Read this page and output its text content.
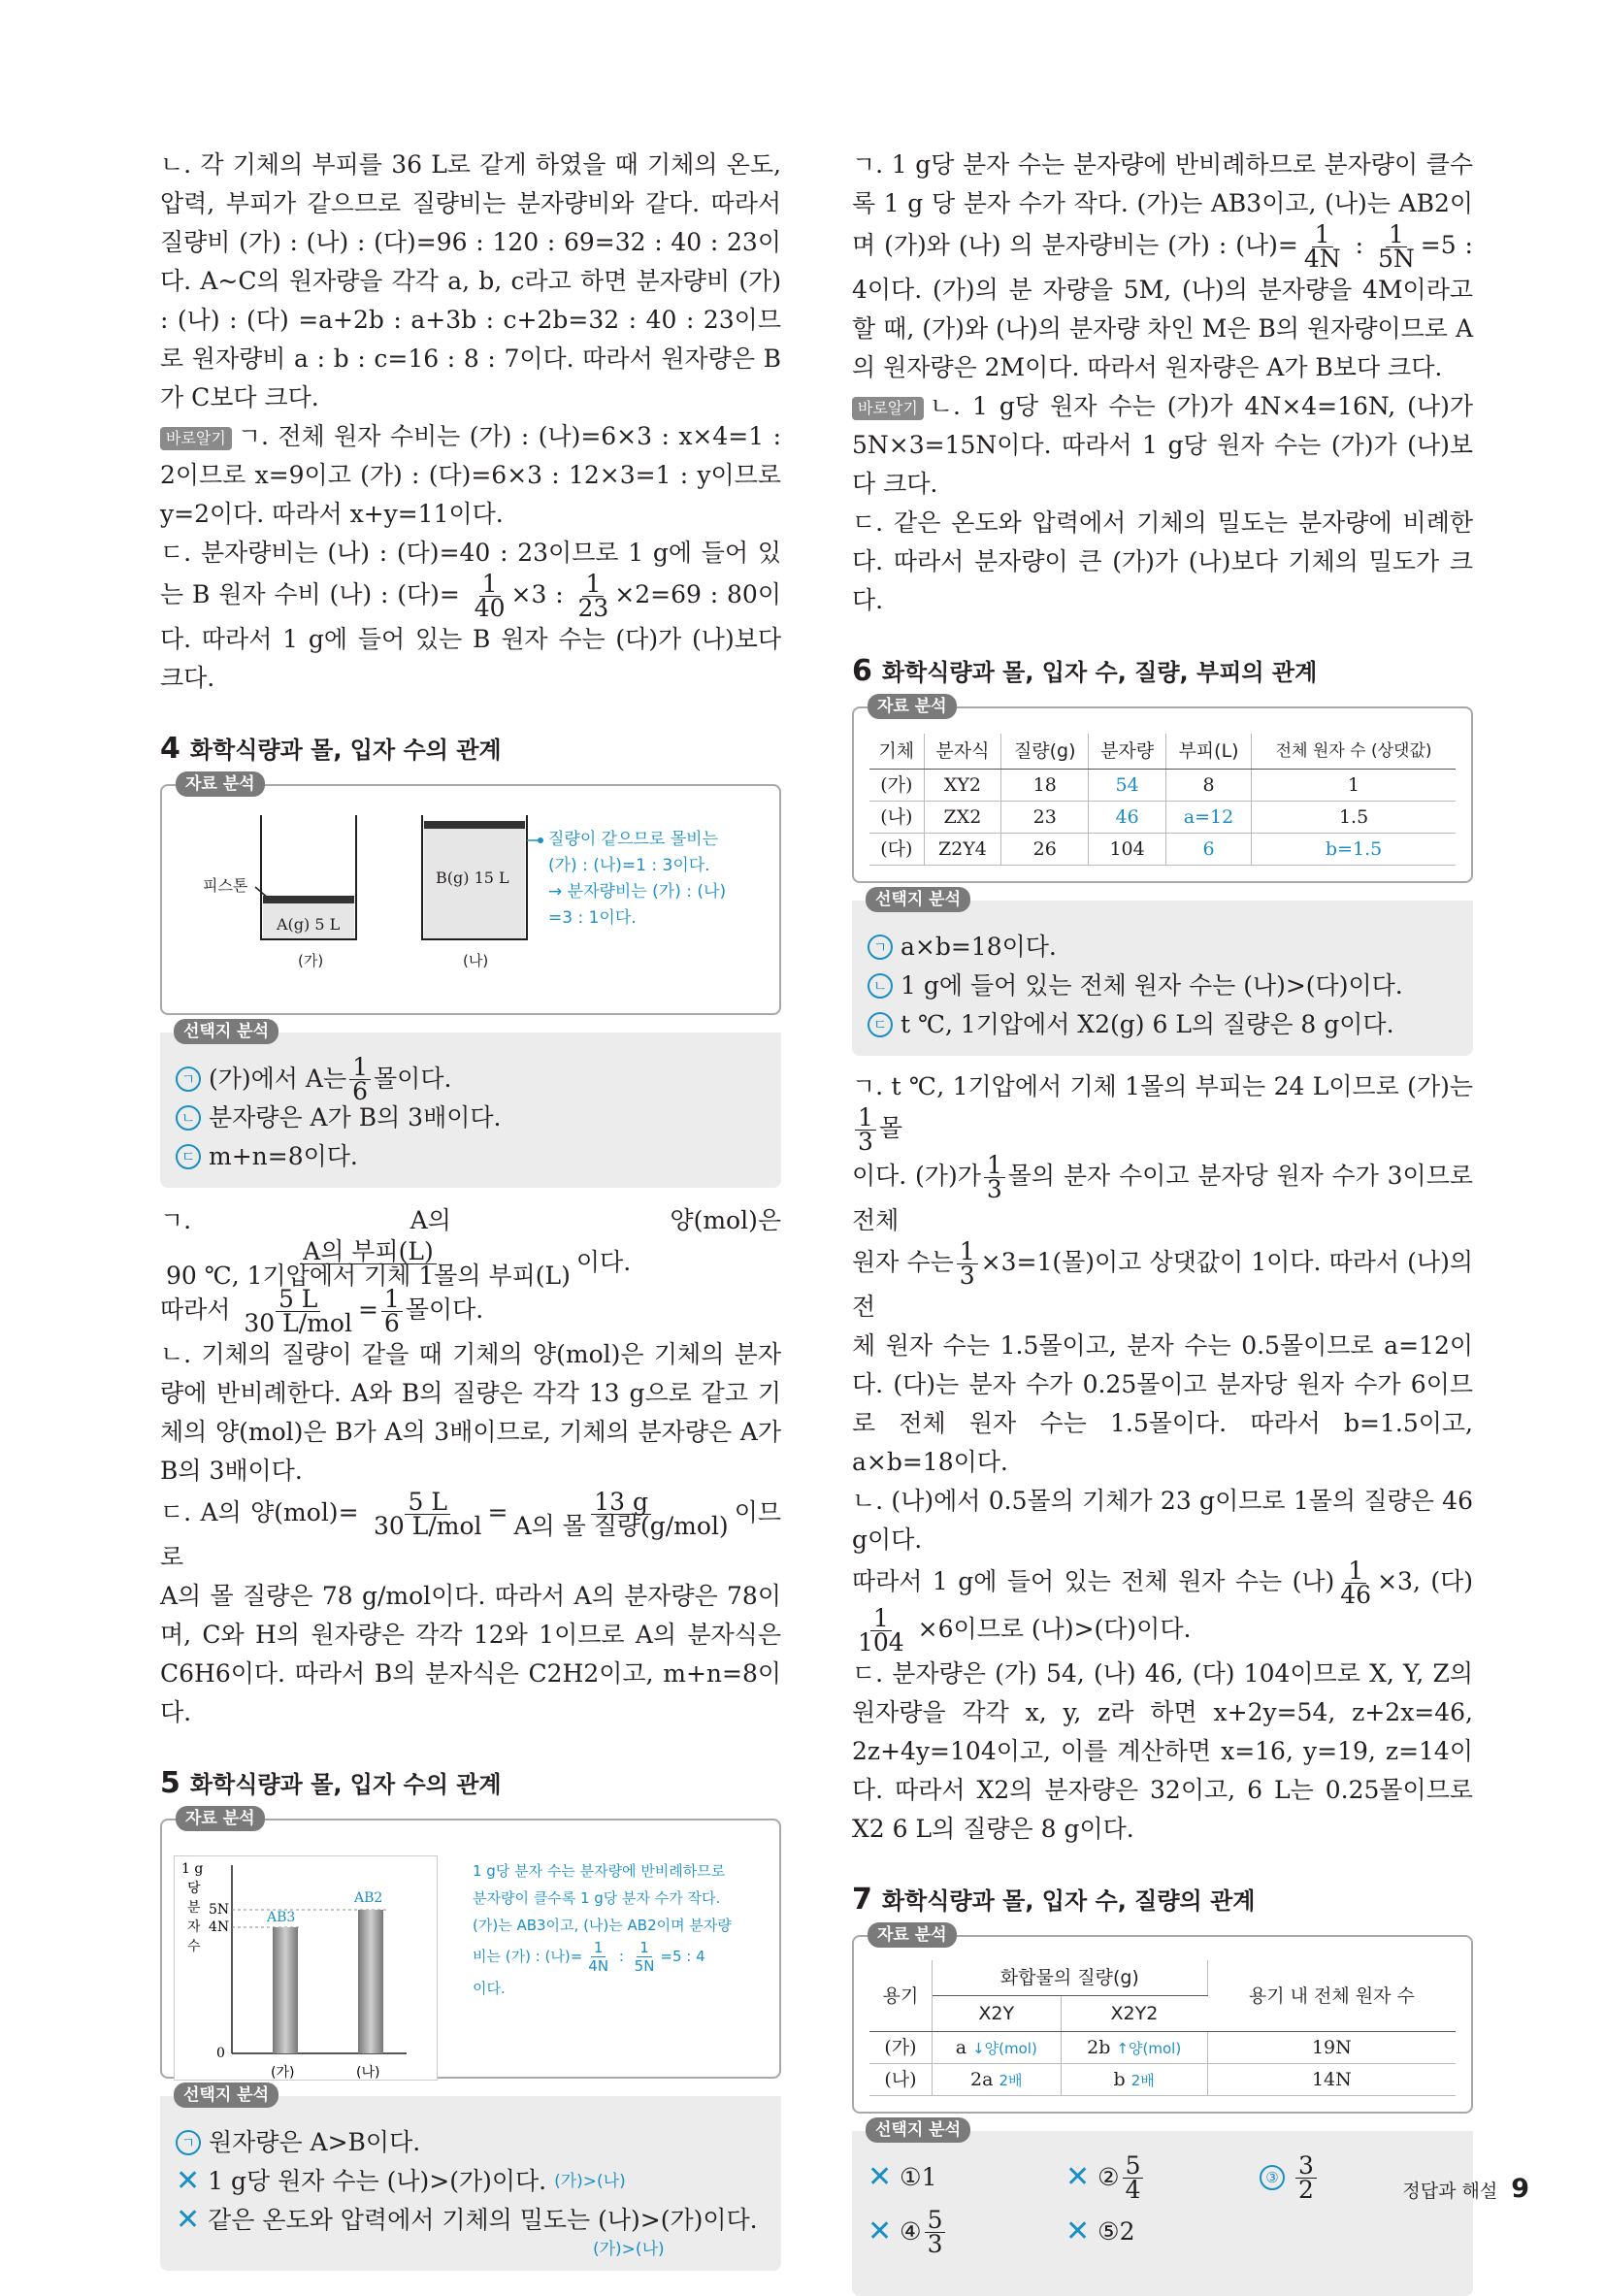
ㄴ. 각 기체의 부피를 36 L로 같게 하였을 때 기체의 온도, 압력, 부피가 같으므로 질량비는 분자량비와 같다. 따라서 질량비 (가) : (나) : (다)=96 : 120 : 69=32 : 40 : 23이다. A~C의 원자량을 각각 a, b, c라고 하면 분자량비 (가) : (나) : (다) =a+2b : a+3b : c+2b=32 : 40 : 23이므로 원자량비 a : b : c=16 : 8 : 7이다. 따라서 원자량은 B가 C보다 크다.

바로알기 ㄱ. 전체 원자 수비는 (가) : (나)=6×3 : x×4=1 : 2이므로 x=9이고 (가) : (다)=6×3 : 12×3=1 : y이므로 y=2이다. 따라서 x+y=11이다.

ㄷ. 분자량비는 (나) : (다)=40 : 23이므로 1 g에 들어 있는 B 원자 수비 (나) : (다)= $\frac{1}{40} \times 3$ : $\frac{1}{23} \times 2=69$ : 80이다. 따라서 1 g에 들어 있는 B 원자 수는 (다)가 (나)보다 크다.

4 화학식량과 몰, 입자 수의 관계
자료 분석
피스톤
A(g) 5 L
(가)
B(g) 15 L
(나)
질량이 같으므로 몰비는
(가) : (나)=1 : 3이다.
→ 분자량비는 (가) : (나)
=3 : 1이다.
선택지 분석
ㄱ (가)에서 A는 $\frac{1}{6}$ 몰이다.
ㄴ 분자량은 A가 B의 3배이다.
ㄷ m+n=8이다.

ㄱ. A의 양(mol)은
$\frac{\text{A의 부피(L)}}{\text{90 ℃, 1기압에서 기체 1몰의 부피(L)}}$ 이다.

따라서 $\frac{5 L}{\text{30 L/mol}} = \frac{1}{6}$ 몰이다.

ㄴ. 기체의 질량이 같을 때 기체의 양(mol)은 기체의 분자량에 반비례한다. A와 B의 질량은 각각 13 g으로 같고 기체의 양(mol)은 B가 A의 3배이므로, 기체의 분자량은 A가 B의 3배이다.

ㄷ. A의 양$(mol)= \frac{5 L}{\text{30 L/mol}} = \frac{13 g}{\text{A의 몰 질량(g/mol)}}$ 이므로

A의 몰 질량은 78 g/mol이다. 따라서 A의 분자량은 78이며, C와 H의 원자량은 각각 12와 1이므로 A의 분자식은 C6H6이다. 따라서 B의 분자식은 C2H2이고, m+n=8이다.

5 화학식량과 몰, 입자 수의 관계
자료 분석
1 g
당
분
자
수
5N
4N
0
AB3
AB2
(가)	(나)
1 g당 분자 수는 분자량에 반비례하므로
분자량이 클수록 1 g당 분자 수가 작다.
(가)는 AB3이고, (나)는 AB2이며 분자량
비는 (가) : (나)= $\frac{1}{4N}$ : $\frac{1}{5N} =5$ : 4
이다.
선택지 분석
ㄱ 원자량은 A>B이다.
✕ 1 g당 원자 수는 (나)>(가)이다. (가)>(나)
✕ 같은 온도와 압력에서 기체의 밀도는 (나)>(가)이다.
(가)>(나)

ㄱ. 1 g당 분자 수는 분자량에 반비례하므로 분자량이 클수록 1 g 당 분자 수가 작다. (가)는 AB3이고, (나)는 AB2이며 (가)와 (나) 의 분자량비는 (가) : (나)= $\frac{1}{4N}$ : $\frac{1}{5N} =5$ : 4이다. (가)의 분 자량을 5M, (나)의 분자량을 4M이라고 할 때, (가)와 (나)의 분자량 차인 M은 B의 원자량이므로 A의 원자량은 2M이다. 따라서 원자량은 A가 B보다 크다.

바로알기 ㄴ. 1 g당 원자 수는 (가)가 4N×4=16N, (나)가 5N×3=15N이다. 따라서 1 g당 원자 수는 (가)가 (나)보다 크다.

ㄷ. 같은 온도와 압력에서 기체의 밀도는 분자량에 비례한다. 따라서 분자량이 큰 (가)가 (나)보다 기체의 밀도가 크다.

6 화학식량과 몰, 입자 수, 질량, 부피의 관계
자료 분석
기체	분자식	질량(g)	분자량	부피(L)	전체 원자 수 (상댓값)
(가)	XY2	18	54	8	1
(나)	ZX2	23	46	a=12	1.5
(다)	Z2Y4	26	104	6	b=1.5
선택지 분석
ㄱ a×b=18이다.
ㄴ 1 g에 들어 있는 전체 원자 수는 (나)>(다)이다.
ㄷ t ℃, 1기압에서 X2(g) 6 L의 질량은 8 g이다.

ㄱ. t ℃, 1기압에서 기체 1몰의 부피는 24 L이므로 (가)는
$\frac{1}{3}$ 몰

이다. (가)가 $\frac{1}{3}$ 몰의 분자 수이고 분자당 원자 수가 3이므로 전체

원자 수는 $\frac{1}{3} \times 3=1$(몰)이고 상댓값이 1이다. 따라서 (나)의 전

체 원자 수는 1.5몰이고, 분자 수는 0.5몰이므로 a=12이다. (다)는 분자 수가 0.25몰이고 분자당 원자 수가 6이므로 전체 원자 수는 1.5몰이다. 따라서 b=1.5이고, a×b=18이다.

ㄴ. (나)에서 0.5몰의 기체가 23 g이므로 1몰의 질량은 46 g이다.

따라서 1 g에 들어 있는 전체 원자 수는 (나) $\frac{1}{46} \times 3$, (다)
$\frac{1}{104} \times 6$이므로 (나)>(다)이다.

ㄷ. 분자량은 (가) 54, (나) 46, (다) 104이므로 X, Y, Z의 원자량을 각각 x, y, z라 하면 x+2y=54, z+2x=46, 2z+4y=104이고, 이를 계산하면 x=16, y=19, z=14이다. 따라서 X2의 분자량은 32이고, 6 L는 0.25몰이므로 X2 6 L의 질량은 8 g이다.

7 화학식량과 몰, 입자 수, 질량의 관계
자료 분석
용기	화합물의 질량(g)		용기 내 전체 원자 수
	X2Y	X2Y2	
(가)	a ↓양(mol)	2b ↑양(mol)	19N
(나)	2a 2배	b 2배	14N
선택지 분석
✕ ① 1	✕ ② $\frac{5}{4}$	③ $\frac{3}{2}$
✕ ④ $\frac{5}{3}$	✕ ⑤ 2
정답과 해설 9
